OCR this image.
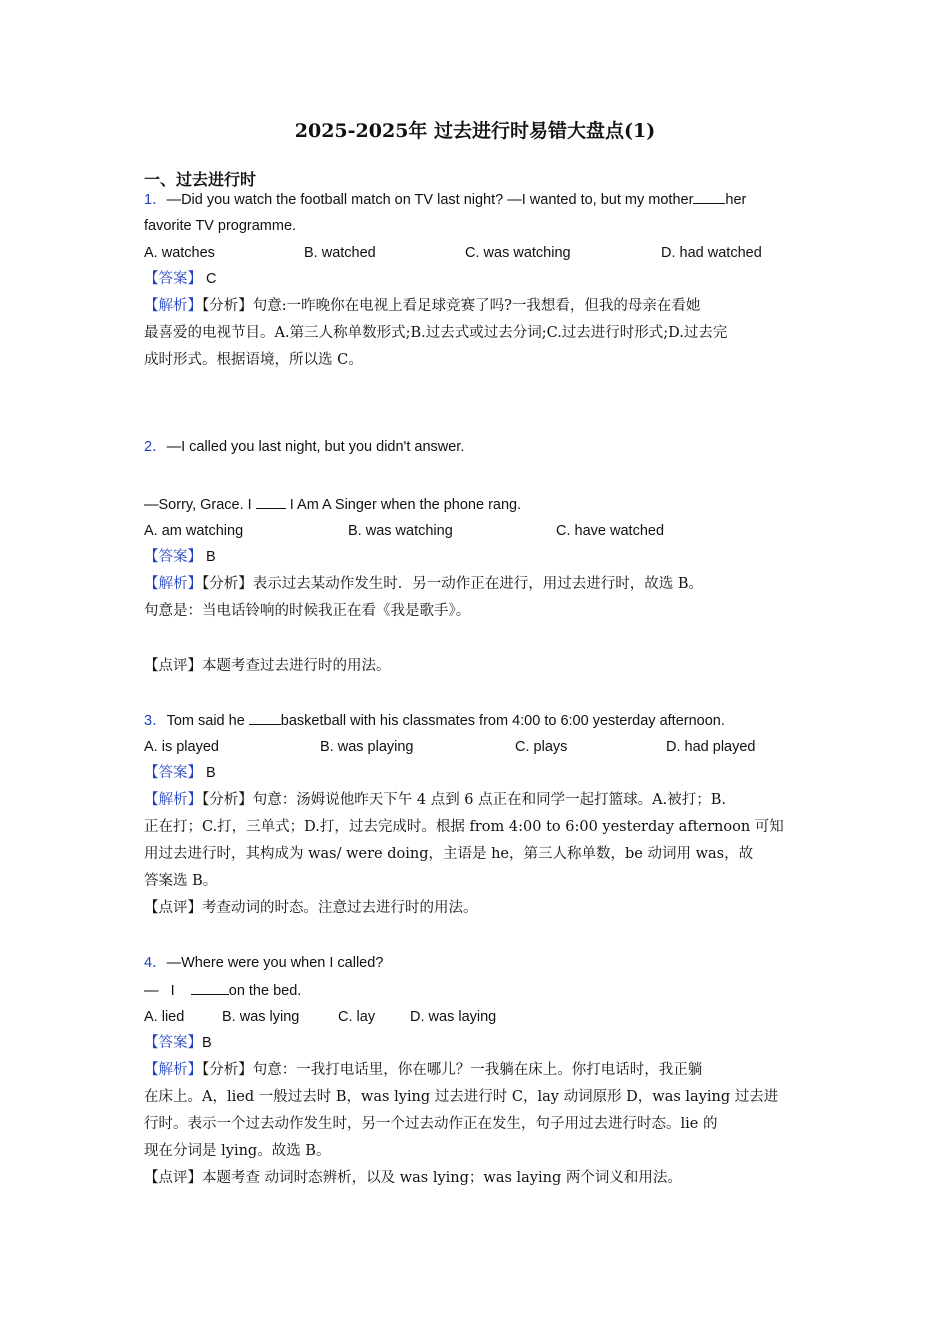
2025-2025年 过去进行时易错大盘点(1)
一、过去进行时
1．—Did you watch the football match on TV last night? —I wanted to, but my mother her
favorite TV programme.
A. watches	B. watched	C. was watching	D. had watched
【答案】 C
【解析】【分析】句意:一昨晚你在电视上看足球竞赛了吗?一我想看，但我的母亲在看她
最喜爱的电视节目。A.第三人称单数形式;B.过去式或过去分词;C.过去进行时形式;D.过去完
成时形式。根据语境，所以选 C。
2．—I called you last night, but you didn't answer.
—Sorry, Grace. I	I Am A Singer when the phone rang.
A. am watching	B. was watching	C. have watched
【答案】 B
【解析】【分析】表示过去某动作发生时．另一动作正在进行，用过去进行时，故选 B。
句意是：当电话铃响的时候我正在看《我是歌手》。
【点评】本题考查过去进行时的用法。
3．Tom said he basketball with his classmates from 4:00 to 6:00 yesterday afternoon.
A. is played	B. was playing	C. plays	D. had played
【答案】 B
【解析】【分析】句意：汤姆说他昨天下午 4 点到 6 点正在和同学一起打篮球。A.被打；B.
正在打；C.打，三单式；D.打，过去完成时。根据 from 4:00 to 6:00 yesterday afternoon 可知
用过去进行时，其构成为 was/ were doing，主语是 he，第三人称单数，be 动词用 was，故
答案选 B。
【点评】考查动词的时态。注意过去进行时的用法。
4．—Where were you when I called?
—   I	on the bed.
A. lied	B. was lying	C. lay D. was laying
【答案】B
【解析】【分析】句意：一我打电话里，你在哪儿？一我躺在床上。你打电话时，我正躺
在床上。A，lied 一般过去时 B，was lying 过去进行时 C，lay 动词原形 D，was laying 过去进
行时。表示一个过去动作发生时，另一个过去动作正在发生，句子用过去进行时态。lie 的
现在分词是 lying。故选 B。
【点评】本题考查 动词时态辨析，以及 was lying；was laying 两个词义和用法。
